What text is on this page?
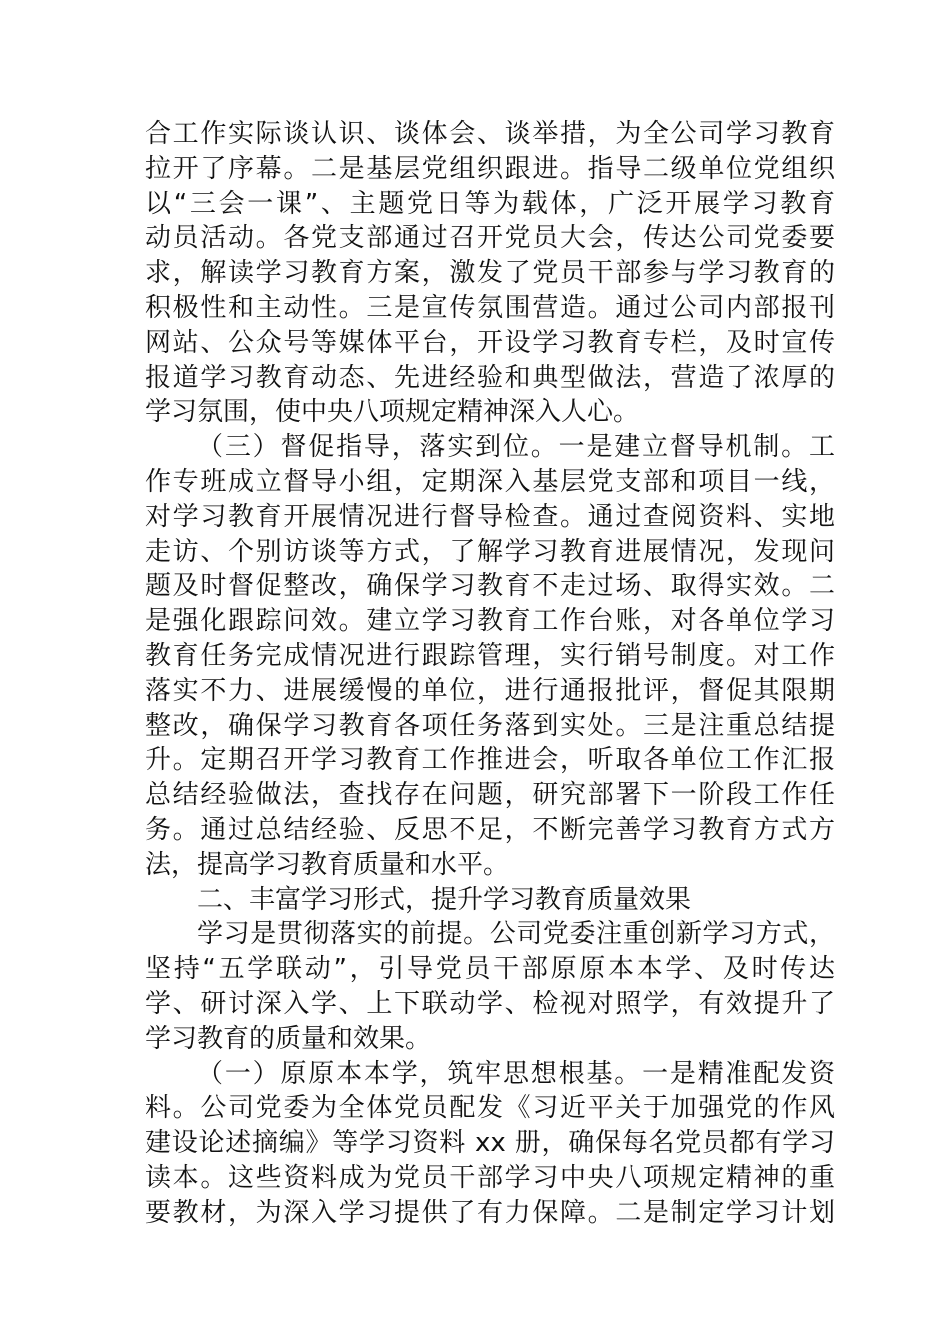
合工作实际谈认识、谈体会、谈举措，为全公司学习教育
拉开了序幕。二是基层党组织跟进。指导二级单位党组织
以“三会一课”、主题党日等为载体，广泛开展学习教育
动员活动。各党支部通过召开党员大会，传达公司党委要
求，解读学习教育方案，激发了党员干部参与学习教育的
积极性和主动性。三是宣传氛围营造。通过公司内部报刊
网站、公众号等媒体平台，开设学习教育专栏，及时宣传
报道学习教育动态、先进经验和典型做法，营造了浓厚的
学习氛围，使中央八项规定精神深入人心。
（三）督促指导，落实到位。一是建立督导机制。工
作专班成立督导小组，定期深入基层党支部和项目一线，
对学习教育开展情况进行督导检查。通过查阅资料、实地
走访、个别访谈等方式，了解学习教育进展情况，发现问
题及时督促整改，确保学习教育不走过场、取得实效。二
是强化跟踪问效。建立学习教育工作台账，对各单位学习
教育任务完成情况进行跟踪管理，实行销号制度。对工作
落实不力、进展缓慢的单位，进行通报批评，督促其限期
整改，确保学习教育各项任务落到实处。三是注重总结提
升。定期召开学习教育工作推进会，听取各单位工作汇报
总结经验做法，查找存在问题，研究部署下一阶段工作任
务。通过总结经验、反思不足，不断完善学习教育方式方
法，提高学习教育质量和水平。
二、丰富学习形式，提升学习教育质量效果
学习是贯彻落实的前提。公司党委注重创新学习方式，
坚持“五学联动”，引导党员干部原原本本学、及时传达
学、研讨深入学、上下联动学、检视对照学，有效提升了
学习教育的质量和效果。
（一）原原本本学，筑牢思想根基。一是精准配发资
料。公司党委为全体党员配发《习近平关于加强党的作风
建设论述摘编》等学习资料 xx 册，确保每名党员都有学习
读本。这些资料成为党员干部学习中央八项规定精神的重
要教材，为深入学习提供了有力保障。二是制定学习计划
